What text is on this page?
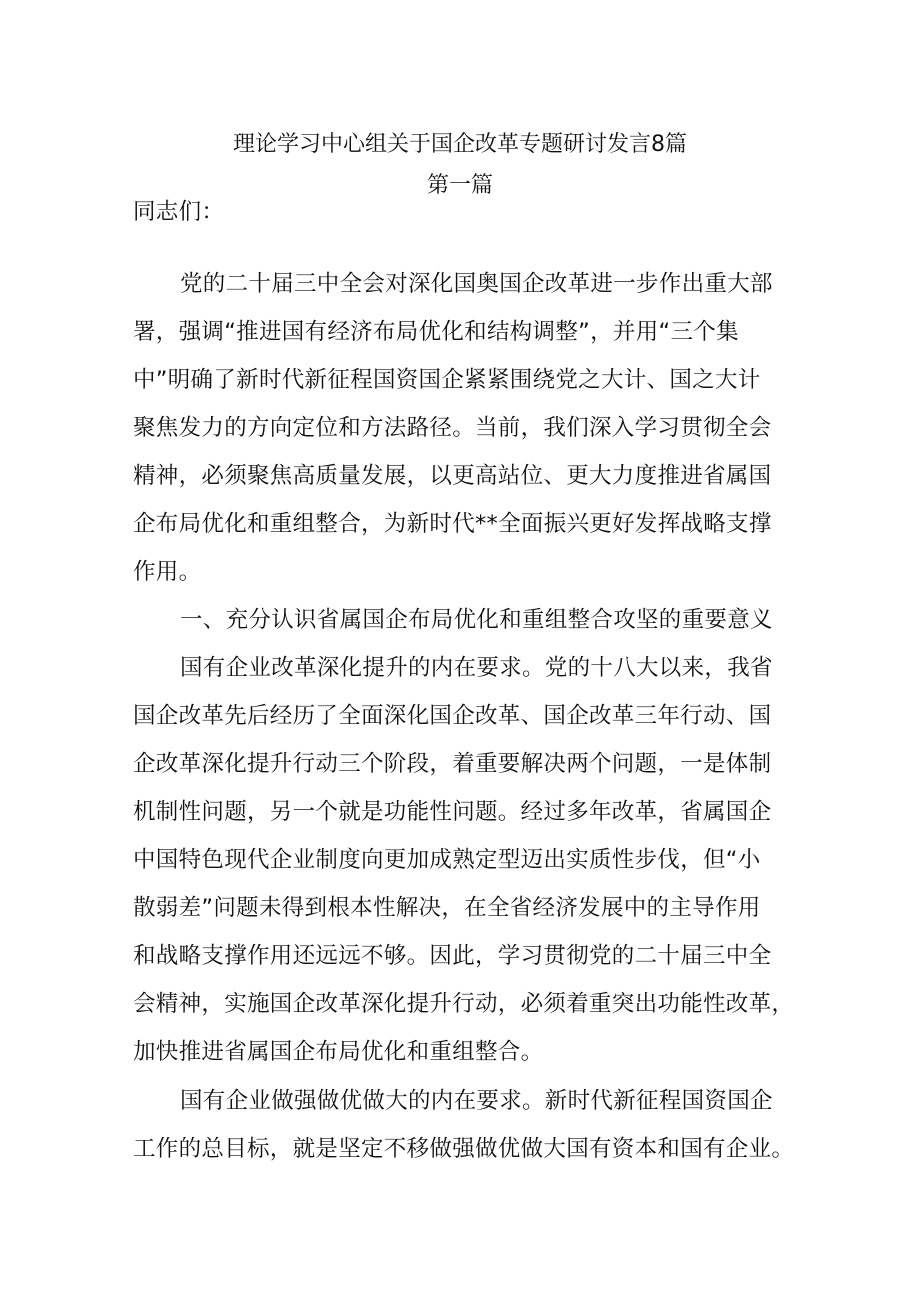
理论学习中心组关于国企改革专题研讨发言8篇
第一篇
同志们：
党的二十届三中全会对深化国奥国企改革进一步作出重大部
署，强调“推进国有经济布局优化和结构调整”，并用“三个集
中”明确了新时代新征程国资国企紧紧围绕党之大计、国之大计
聚焦发力的方向定位和方法路径。当前，我们深入学习贯彻全会
精神，必须聚焦高质量发展，以更高站位、更大力度推进省属国
企布局优化和重组整合，为新时代**全面振兴更好发挥战略支撑
作用。
一、充分认识省属国企布局优化和重组整合攻坚的重要意义
国有企业改革深化提升的内在要求。党的十八大以来，我省
国企改革先后经历了全面深化国企改革、国企改革三年行动、国
企改革深化提升行动三个阶段，着重要解决两个问题，一是体制
机制性问题，另一个就是功能性问题。经过多年改革，省属国企
中国特色现代企业制度向更加成熟定型迈出实质性步伐，但“小
散弱差”问题未得到根本性解决，在全省经济发展中的主导作用
和战略支撑作用还远远不够。因此，学习贯彻党的二十届三中全
会精神，实施国企改革深化提升行动，必须着重突出功能性改革，
加快推进省属国企布局优化和重组整合。
国有企业做强做优做大的内在要求。新时代新征程国资国企
工作的总目标，就是坚定不移做强做优做大国有资本和国有企业。
